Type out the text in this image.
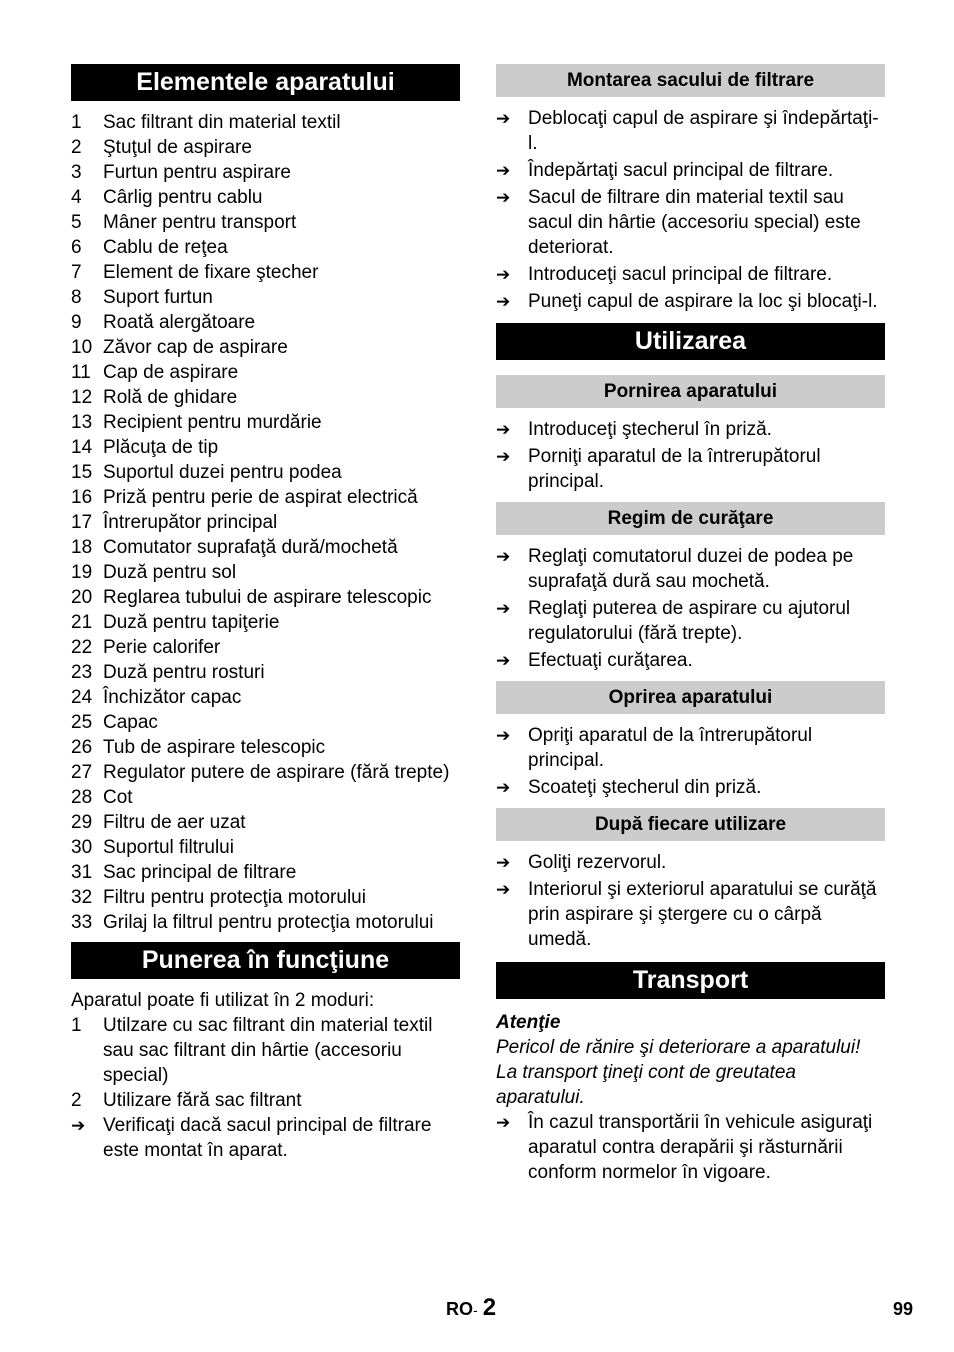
Elementele aparatului
1	Sac filtrant din material textil
2	Ştuţul de aspirare
3	Furtun pentru aspirare
4	Cârlig pentru cablu
5	Mâner pentru transport
6	Cablu de reţea
7	Element de fixare ştecher
8	Suport furtun
9	Roată alergătoare
10 Zăvor cap de aspirare
11 Cap de aspirare
12 Rolă de ghidare
13 Recipient pentru murdărie
14 Plăcuţa de tip
15 Suportul duzei pentru podea
16 Priză pentru perie de aspirat electrică
17 Întrerupător principal
18 Comutator suprafaţă dură/mochetă
19 Duză pentru sol
20 Reglarea tubului de aspirare telescopic
21 Duză pentru tapiţerie
22 Perie calorifer
23 Duză pentru rosturi
24 Închizător capac
25 Capac
26 Tub de aspirare telescopic
27 Regulator putere de aspirare (fără trepte)
28 Cot
29 Filtru de aer uzat
30 Suportul filtrului
31 Sac principal de filtrare
32 Filtru pentru protecţia motorului
33 Grilaj la filtrul pentru protecţia motorului
Punerea în funcţiune
Aparatul poate fi utilizat în 2 moduri:
1	Utilzare cu sac filtrant din material textil sau sac filtrant din hârtie (accesoriu special)
2	Utilizare fără sac filtrant
➔ Verificaţi dacă sacul principal de filtrare este montat în aparat.
Montarea sacului de filtrare
➔ Deblocaţi capul de aspirare şi îndepărtaţi-l.
➔ Îndepărtaţi sacul principal de filtrare.
➔ Sacul de filtrare din material textil sau sacul din hârtie (accesoriu special) este deteriorat.
➔ Introduceţi sacul principal de filtrare.
➔ Puneţi capul de aspirare la loc şi blocaţi-l.
Utilizarea
Pornirea aparatului
➔ Introduceţi ştecherul în priză.
➔ Porniţi aparatul de la întrerupătorul principal.
Regim de curăţare
➔ Reglaţi comutatorul duzei de podea pe suprafaţă dură sau mochetă.
➔ Reglaţi puterea de aspirare cu ajutorul regulatorului (fără trepte).
➔ Efectuaţi curăţarea.
Oprirea aparatului
➔ Opriţi aparatul de la întrerupătorul principal.
➔ Scoateţi ştecherul din priză.
După fiecare utilizare
➔ Goliţi rezervorul.
➔ Interiorul şi exteriorul aparatului se curăţă prin aspirare şi ştergere cu o cârpă umedă.
Transport
Atenţie
Pericol de rănire şi deteriorare a aparatului! La transport ţineţi cont de greutatea aparatului.
➔ În cazul transportării în vehicule asiguraţi aparatul contra derapării şi răsturnării conform normelor în vigoare.
RO- 2	99
